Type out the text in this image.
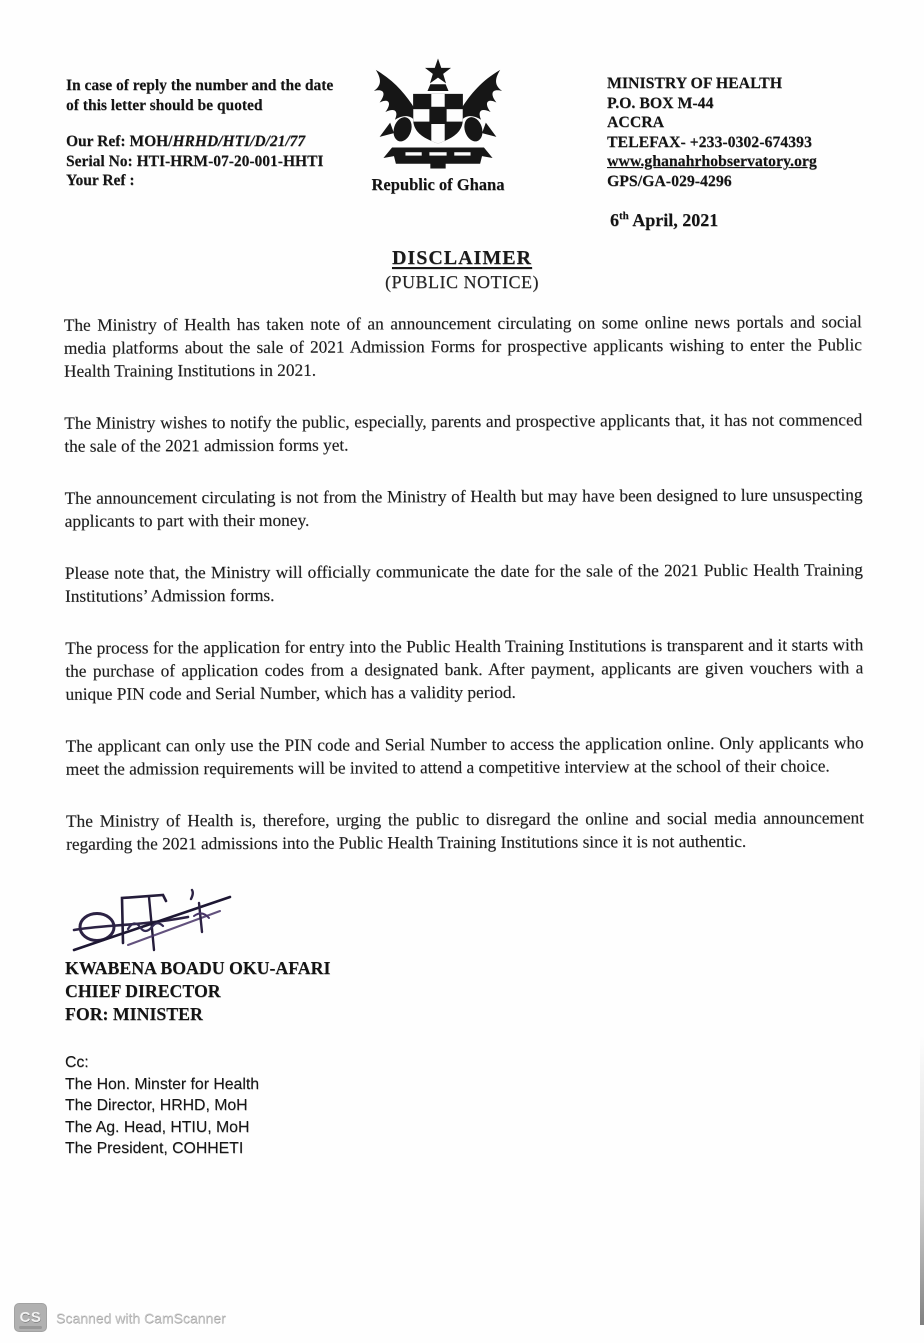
In case of reply the number and the date
of this letter should be quoted
Our Ref: MOH/HRHD/HTI/D/21/77
Serial No: HTI-HRM-07-20-001-HHTI
Your Ref :	Republic of Ghana
MINISTRY OF HEALTH
P.O. BOX M-44
ACCRA
TELEFAX- +233-0302-674393
www.ghanahrhobservatory.org
GPS/GA-029-4296
6th April, 2021
DISCLAIMER
(PUBLIC NOTICE)

The Ministry of Health has taken note of an announcement circulating on some online news portals and social media platforms about the sale of 2021 Admission Forms for prospective applicants wishing to enter the Public Health Training Institutions in 2021.

The Ministry wishes to notify the public, especially, parents and prospective applicants that, it has not commenced the sale of the 2021 admission forms yet.

The announcement circulating is not from the Ministry of Health but may have been designed to lure unsuspecting applicants to part with their money.

Please note that, the Ministry will officially communicate the date for the sale of the 2021 Public Health Training Institutions’ Admission forms.

The process for the application for entry into the Public Health Training Institutions is transparent and it starts with the purchase of application codes from a designated bank. After payment, applicants are given vouchers with a unique PIN code and Serial Number, which has a validity period.

The applicant can only use the PIN code and Serial Number to access the application online. Only applicants who meet the admission requirements will be invited to attend a competitive interview at the school of their choice.

The Ministry of Health is, therefore, urging the public to disregard the online and social media announcement regarding the 2021 admissions into the Public Health Training Institutions since it is not authentic.

KWABENA BOADU OKU-AFARI
CHIEF DIRECTOR
FOR: MINISTER
Cc:
The Hon. Minster for Health
The Director, HRHD, MoH
The Ag. Head, HTIU, MoH
The President, COHHETI
CS Scanned with CamScanner
